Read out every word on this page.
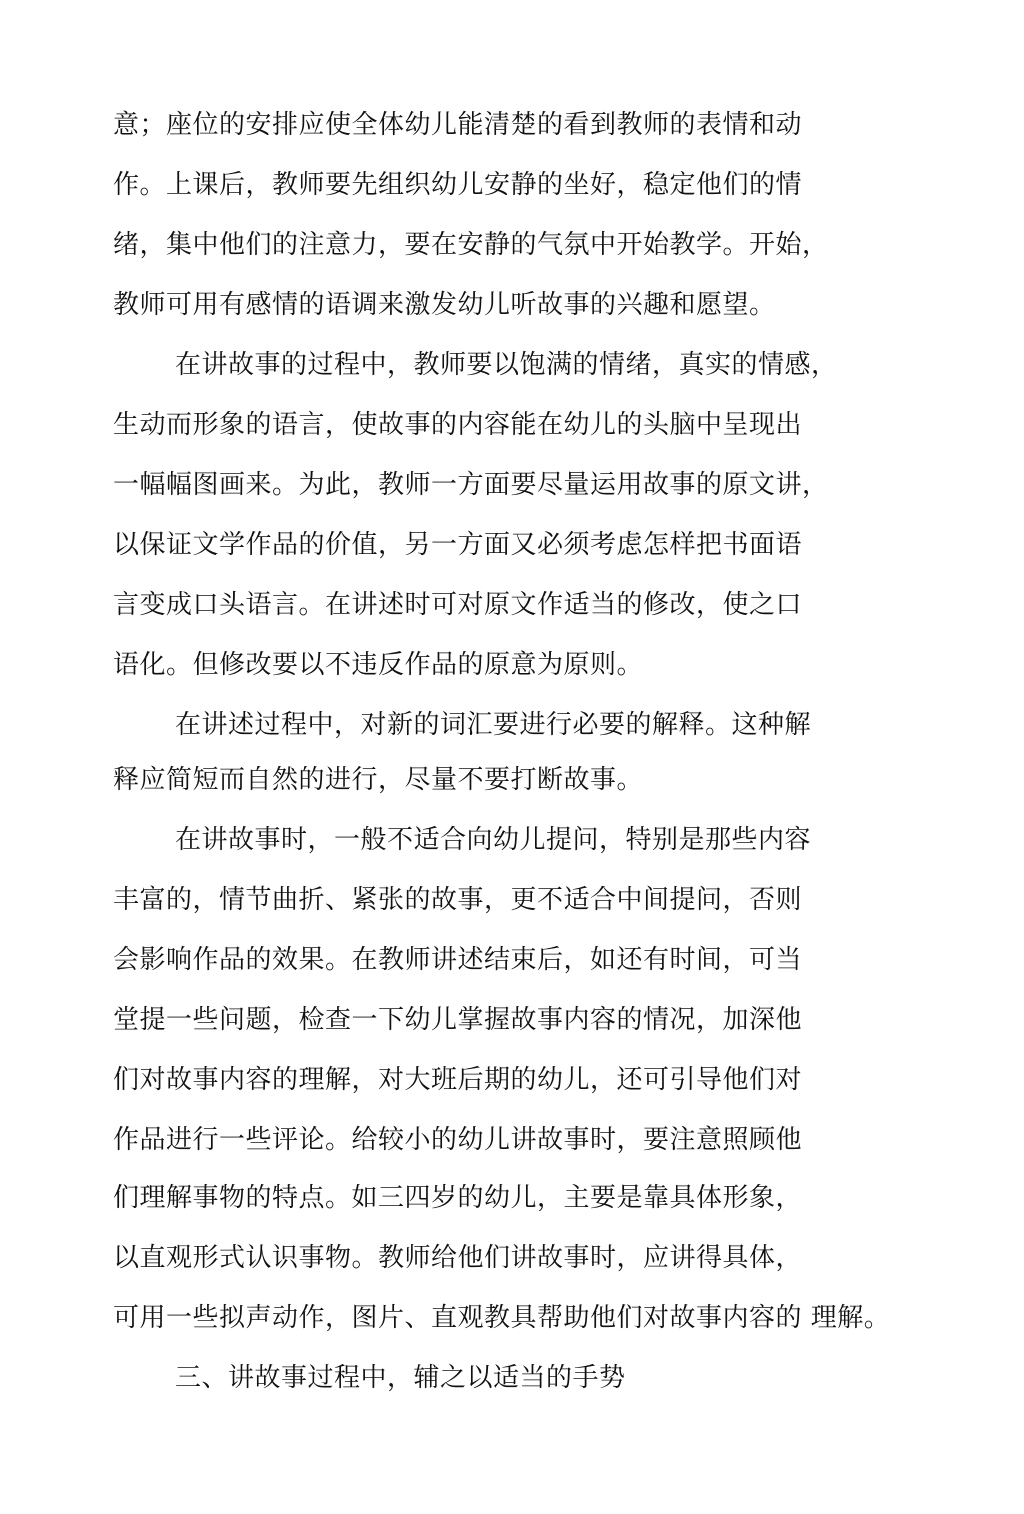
意；座位的安排应使全体幼儿能清楚的看到教师的表情和动
作。上课后，教师要先组织幼儿安静的坐好，稳定他们的情
绪，集中他们的注意力，要在安静的气氛中开始教学。开始，
教师可用有感情的语调来激发幼儿听故事的兴趣和愿望。
在讲故事的过程中，教师要以饱满的情绪，真实的情感，
生动而形象的语言，使故事的内容能在幼儿的头脑中呈现出
一幅幅图画来。为此，教师一方面要尽量运用故事的原文讲，
以保证文学作品的价值，另一方面又必须考虑怎样把书面语
言变成口头语言。在讲述时可对原文作适当的修改，使之口
语化。但修改要以不违反作品的原意为原则。
在讲述过程中，对新的词汇要进行必要的解释。这种解
释应简短而自然的进行，尽量不要打断故事。
在讲故事时，一般不适合向幼儿提问，特别是那些内容
丰富的，情节曲折、紧张的故事，更不适合中间提问，否则
会影响作品的效果。在教师讲述结束后，如还有时间，可当
堂提一些问题，检查一下幼儿掌握故事内容的情况，加深他
们对故事内容的理解，对大班后期的幼儿，还可引导他们对
作品进行一些评论。给较小的幼儿讲故事时，要注意照顾他
们理解事物的特点。如三四岁的幼儿，主要是靠具体形象，
以直观形式认识事物。教师给他们讲故事时，应讲得具体，
可用一些拟声动作，图片、直观教具帮助他们对故事内容的 理解。
三、讲故事过程中，辅之以适当的手势
